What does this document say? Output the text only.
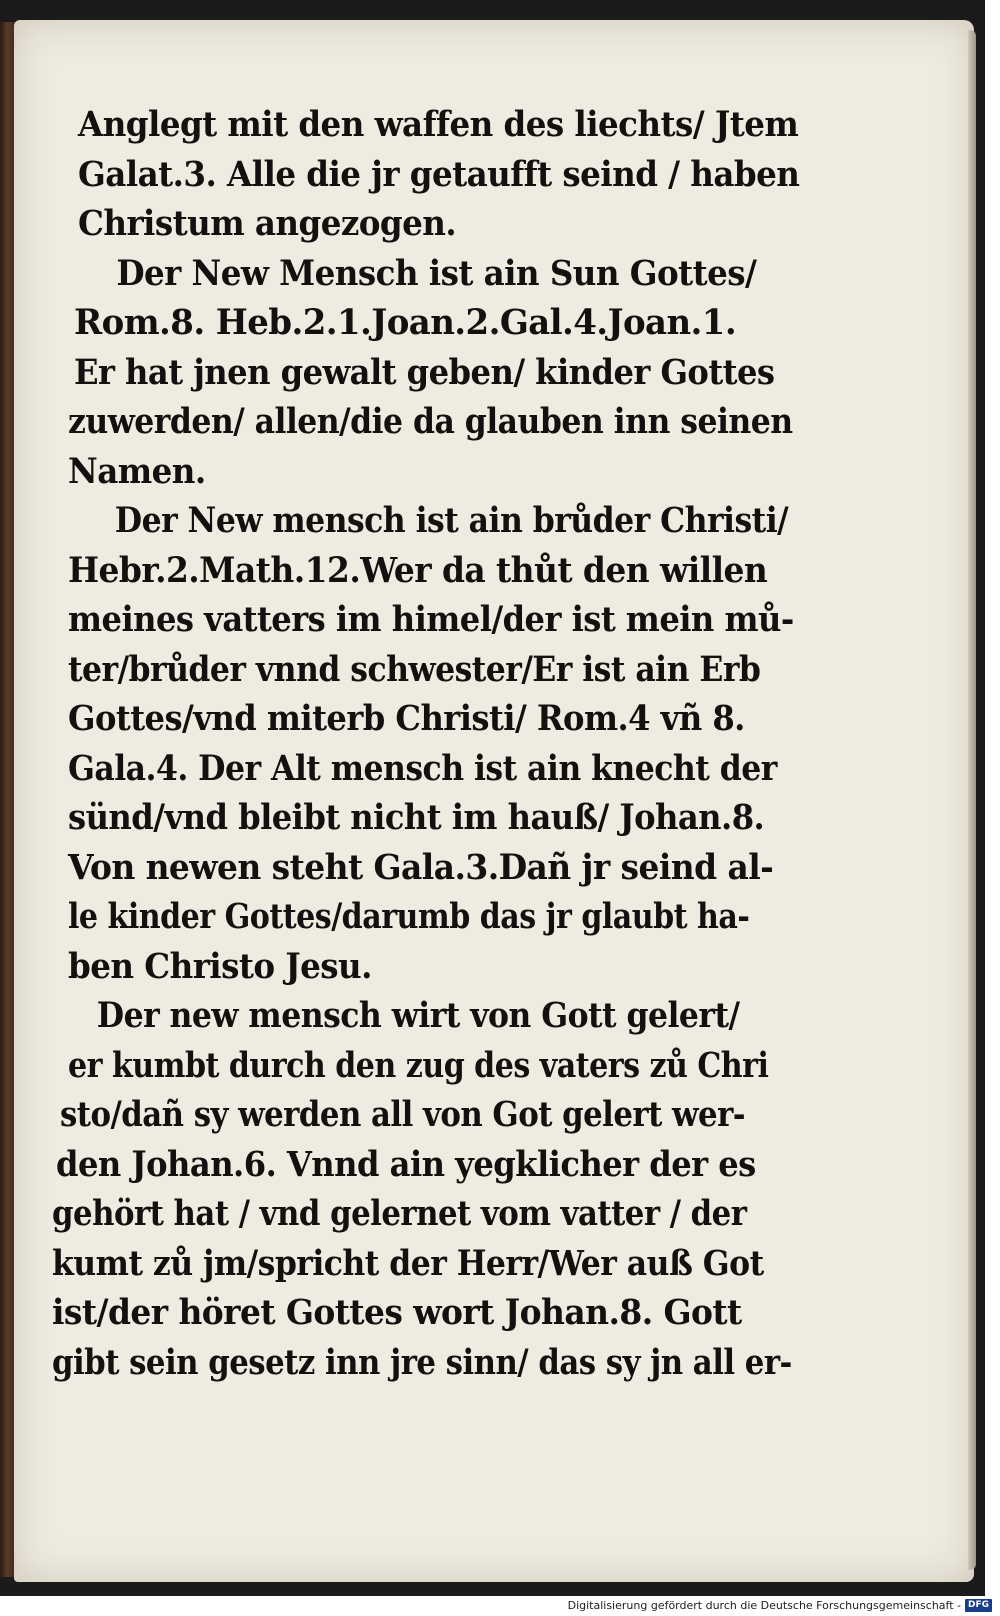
Anglegt mit den waffen des liechts/ Jtem
Galat.3. Alle die jr getaufft seind / haben
Christum angezogen.
Der New Mensch ist ain Sun Gottes/
Rom.8. Heb.2.1.Joan.2.Gal.4.Joan.1.
Er hat jnen gewalt geben/ kinder Gottes
zuwerden/ allen/die da glauben inn seinen
Namen.
Der New mensch ist ain brůder Christi/
Hebr.2.Math.12.Wer da thůt den willen
meines vatters im himel/der ist mein mů-
ter/brůder vnnd schwester/Er ist ain Erb
Gottes/vnd miterb Christi/ Rom.4 vñ 8.
Gala.4. Der Alt mensch ist ain knecht der
sünd/vnd bleibt nicht im hauß/ Johan.8.
Von newen steht Gala.3.Dañ jr seind al-
le kinder Gottes/darumb das jr glaubt ha-
ben Christo Jesu.
Der new mensch wirt von Gott gelert/
er kumbt durch den zug des vaters zů Chri
sto/dañ sy werden all von Got gelert wer-
den Johan.6. Vnnd ain yegklicher der es
gehört hat / vnd gelernet vom vatter / der
kumt zů jm/spricht der Herr/Wer auß Got
ist/der höret Gottes wort Johan.8. Gott
gibt sein gesetz inn jre sinn/ das sy jn all er-
Digitalisierung gefördert durch die Deutsche Forschungsgemeinschaft - DFG
